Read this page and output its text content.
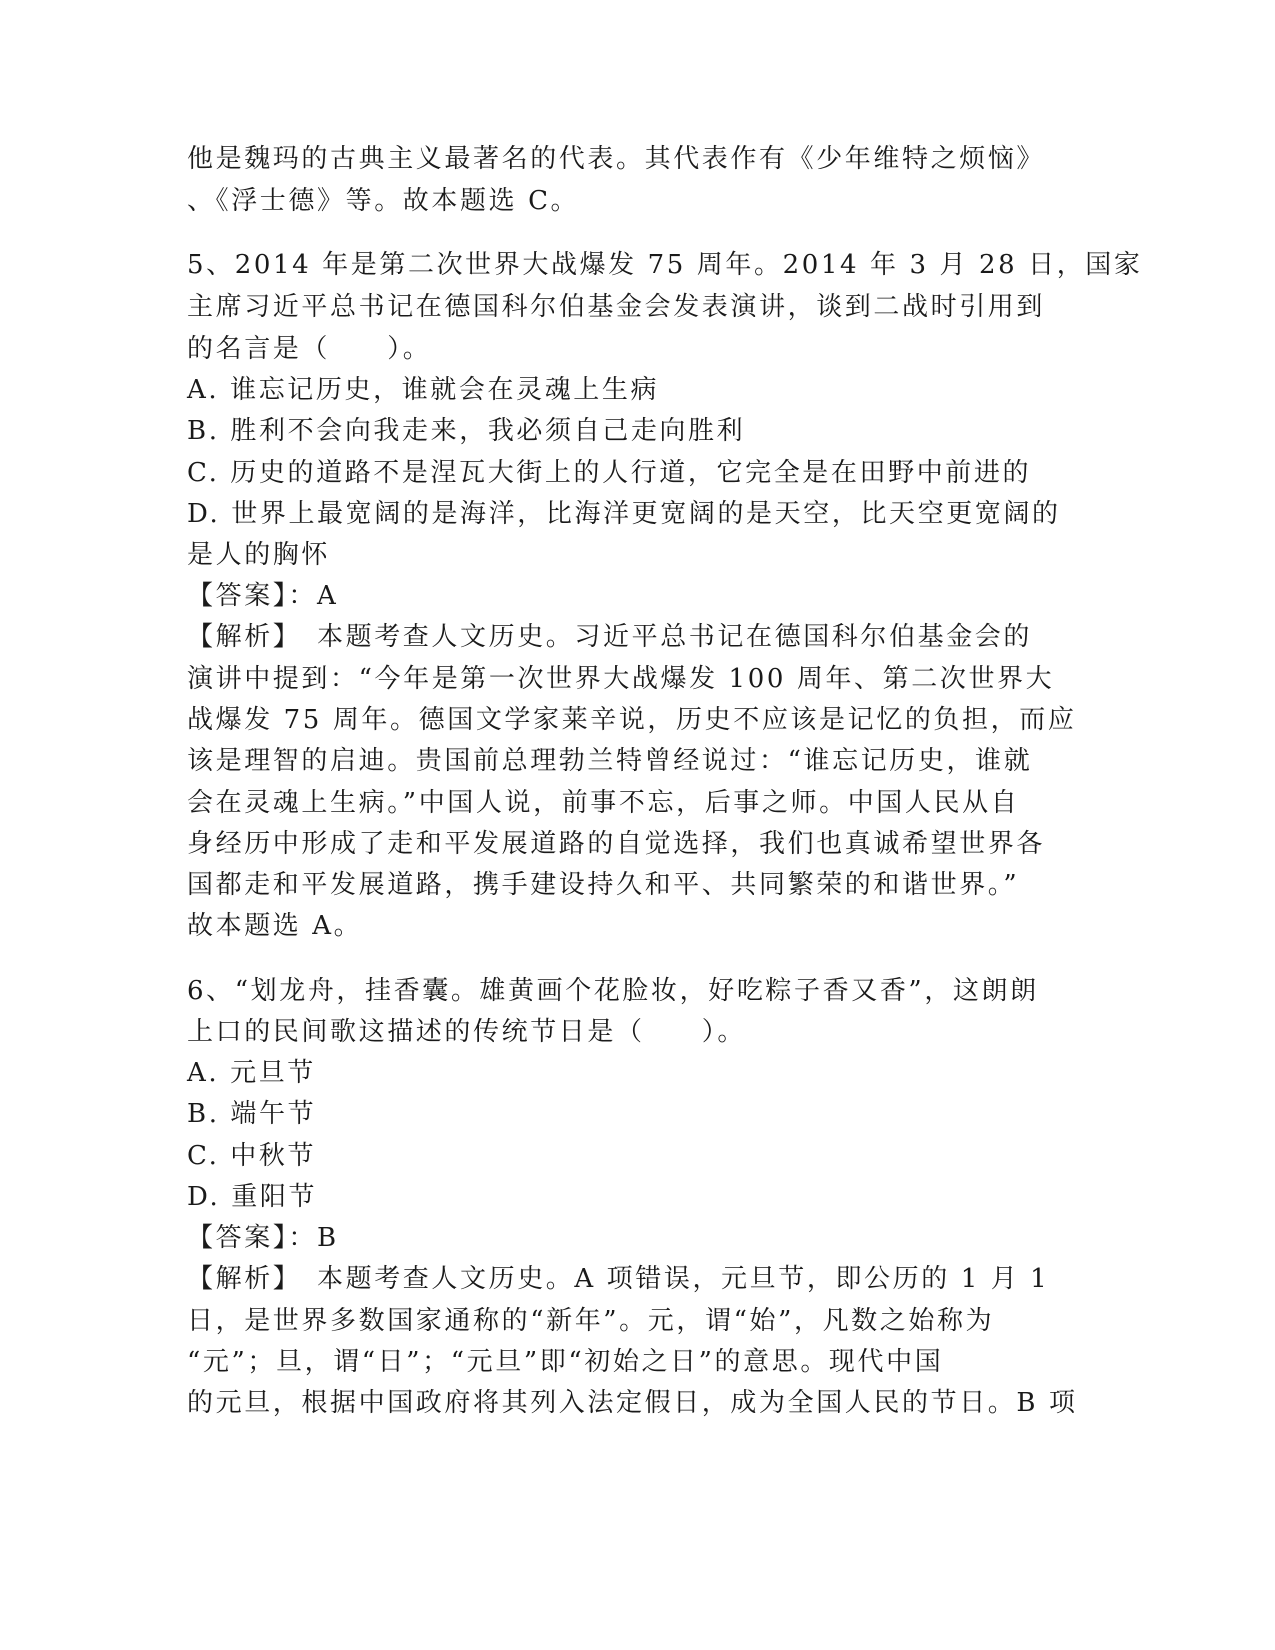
他是魏玛的古典主义最著名的代表。其代表作有《少年维特之烦恼》
、《浮士德》等。故本题选 C。
5、2014 年是第二次世界大战爆发 75 周年。2014 年 3 月 28 日，国家
主席习近平总书记在德国科尔伯基金会发表演讲，谈到二战时引用到
的名言是（　　）。
A. 谁忘记历史，谁就会在灵魂上生病
B. 胜利不会向我走来，我必须自己走向胜利
C. 历史的道路不是涅瓦大街上的人行道，它完全是在田野中前进的
D. 世界上最宽阔的是海洋，比海洋更宽阔的是天空，比天空更宽阔的
是人的胸怀
【答案】：A
【解析】　本题考查人文历史。习近平总书记在德国科尔伯基金会的
演讲中提到：“今年是第一次世界大战爆发 100 周年、第二次世界大
战爆发 75 周年。德国文学家莱辛说，历史不应该是记忆的负担，而应
该是理智的启迪。贵国前总理勃兰特曾经说过：“谁忘记历史，谁就
会在灵魂上生病。”中国人说，前事不忘，后事之师。中国人民从自
身经历中形成了走和平发展道路的自觉选择，我们也真诚希望世界各
国都走和平发展道路，携手建设持久和平、共同繁荣的和谐世界。”
故本题选 A。
6、“划龙舟，挂香囊。雄黄画个花脸妆，好吃粽子香又香”，这朗朗
上口的民间歌这描述的传统节日是（　　）。
A. 元旦节
B. 端午节
C. 中秋节
D. 重阳节
【答案】：B
【解析】　本题考查人文历史。A 项错误，元旦节，即公历的 1 月 1
日，是世界多数国家通称的“新年”。元，谓“始”，凡数之始称为
“元”；旦，谓“日”；“元旦”即“初始之日”的意思。现代中国
的元旦，根据中国政府将其列入法定假日，成为全国人民的节日。B 项
